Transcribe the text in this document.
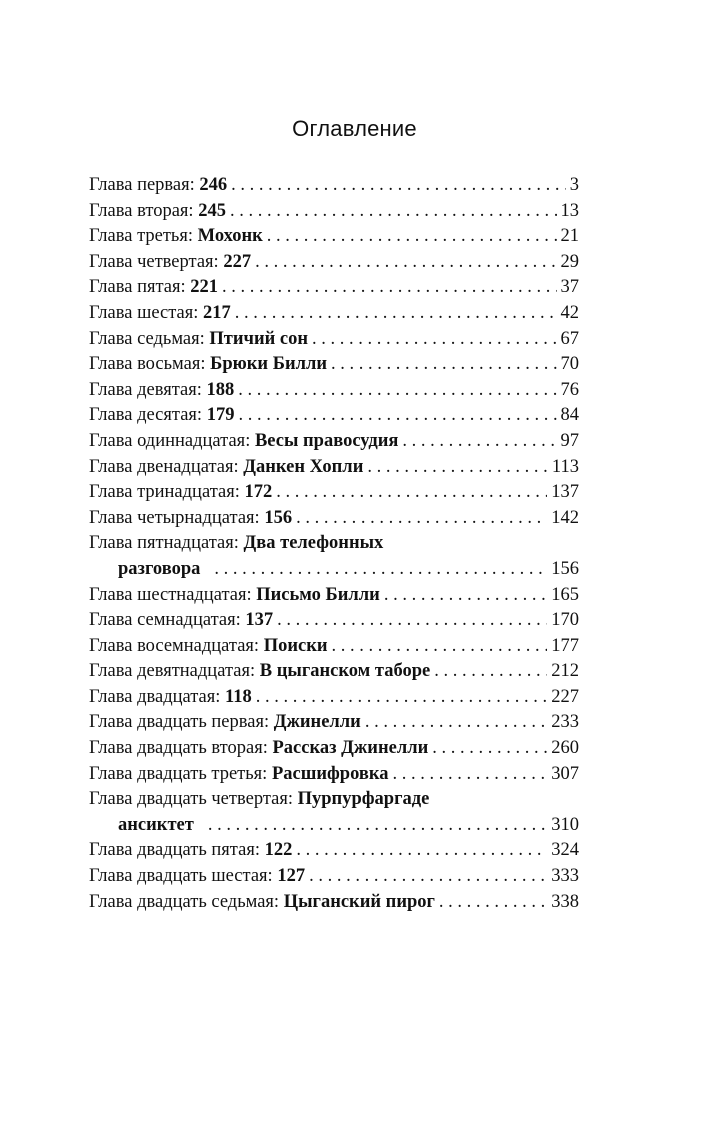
Оглавление
Глава первая: 246 . . .	3
Глава вторая: 245 . . .	13
Глава третья: Мохонк . . .	21
Глава четвертая: 227 . . .	29
Глава пятая: 221 . . .	37
Глава шестая: 217 . . .	42
Глава седьмая: Птичий сон . . .	67
Глава восьмая: Брюки Билли . . .	70
Глава девятая: 188 . . .	76
Глава десятая: 179 . . .	84
Глава одиннадцатая: Весы правосудия . . .	97
Глава двенадцатая: Данкен Хопли . . .	113
Глава тринадцатая: 172 . . .	137
Глава четырнадцатая: 156 . . .	142
Глава пятнадцатая: Два телефонных
разговора . . .	156
Глава шестнадцатая: Письмо Билли . . .	165
Глава семнадцатая: 137 . . .	170
Глава восемнадцатая: Поиски . . .	177
Глава девятнадцатая: В цыганском таборе . . .	212
Глава двадцатая: 118 . . .	227
Глава двадцать первая: Джинелли . . .	233
Глава двадцать вторая: Рассказ Джинелли . . .	260
Глава двадцать третья: Расшифровка . . .	307
Глава двадцать четвертая: Пурпурфаргаде
ансиктет . . .	310
Глава двадцать пятая: 122 . . .	324
Глава двадцать шестая: 127 . . .	333
Глава двадцать седьмая: Цыганский пирог . . .	338
